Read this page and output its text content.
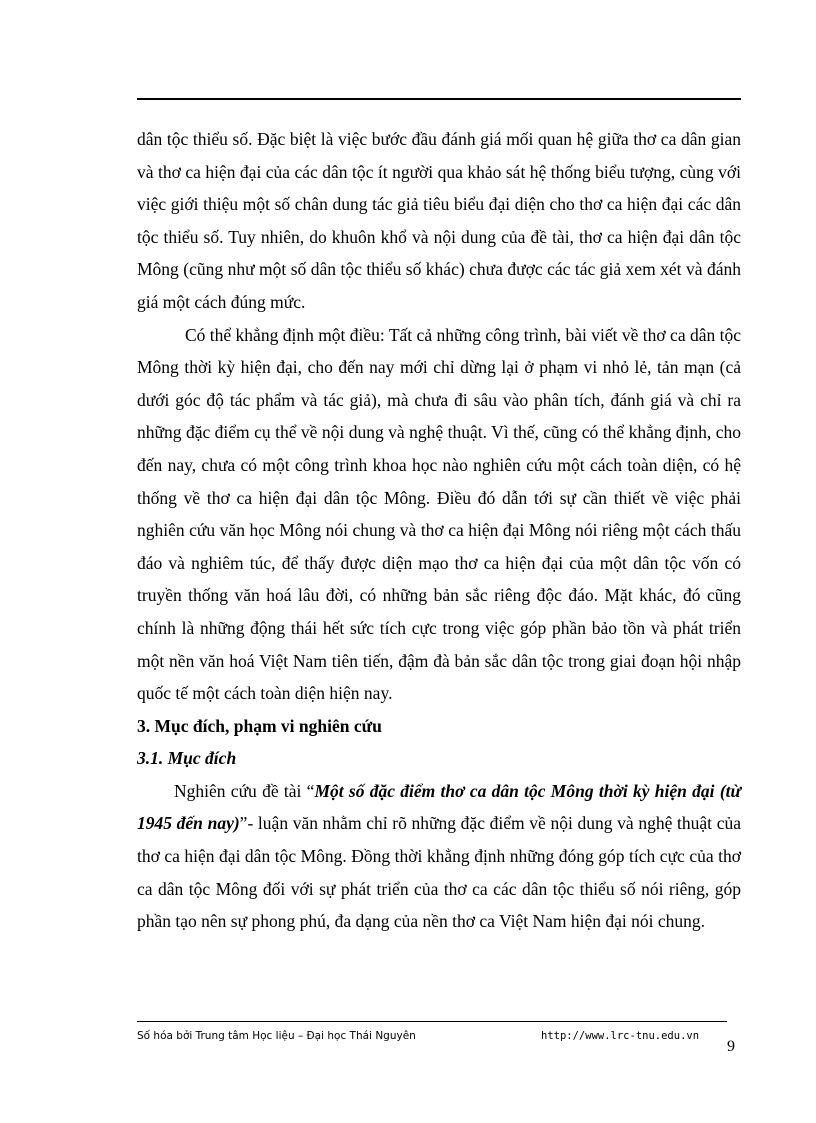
dân tộc thiểu số. Đặc biệt là việc bước đầu đánh giá mối quan hệ giữa thơ ca dân gian và thơ ca hiện đại của các dân tộc ít người qua khảo sát hệ thống biểu tượng, cùng với việc giới thiệu một số chân dung tác giả tiêu biểu đại diện cho thơ ca hiện đại các dân tộc thiểu số. Tuy nhiên, do khuôn khổ và nội dung của đề tài, thơ ca hiện đại dân tộc Mông (cũng như một số dân tộc thiểu số khác) chưa được các tác giả xem xét và đánh giá một cách đúng mức.

Có thể khẳng định một điều: Tất cả những công trình, bài viết về thơ ca dân tộc Mông thời kỳ hiện đại, cho đến nay mới chỉ dừng lại ở phạm vi nhỏ lẻ, tản mạn (cả dưới góc độ tác phẩm và tác giả), mà chưa đi sâu vào phân tích, đánh giá và chỉ ra những đặc điểm cụ thể về nội dung và nghệ thuật. Vì thế, cũng có thể khẳng định, cho đến nay, chưa có một công trình khoa học nào nghiên cứu một cách toàn diện, có hệ thống về thơ ca hiện đại dân tộc Mông. Điều đó dẫn tới sự cần thiết về việc phải nghiên cứu văn học Mông nói chung và thơ ca hiện đại Mông nói riêng một cách thấu đáo và nghiêm túc, để thấy được diện mạo thơ ca hiện đại của một dân tộc vốn có truyền thống văn hoá lâu đời, có những bản sắc riêng độc đáo. Mặt khác, đó cũng chính là những động thái hết sức tích cực trong việc góp phần bảo tồn và phát triển một nền văn hoá Việt Nam tiên tiến, đậm đà bản sắc dân tộc trong giai đoạn hội nhập quốc tế một cách toàn diện hiện nay.

3. Mục đích, phạm vi nghiên cứu
3.1. Mục đích

Nghiên cứu đề tài “Một số đặc điểm thơ ca dân tộc Mông thời kỳ hiện đại (từ 1945 đến nay)”- luận văn nhằm chỉ rõ những đặc điểm về nội dung và nghệ thuật của thơ ca hiện đại dân tộc Mông. Đồng thời khẳng định những đóng góp tích cực của thơ ca dân tộc Mông đối với sự phát triển của thơ ca các dân tộc thiểu số nói riêng, góp phần tạo nên sự phong phú, đa dạng của nền thơ ca Việt Nam hiện đại nói chung.

Số hóa bởi Trung tâm Học liệu – Đại học Thái Nguyên	http://www.lrc-tnu.edu.vn
9
